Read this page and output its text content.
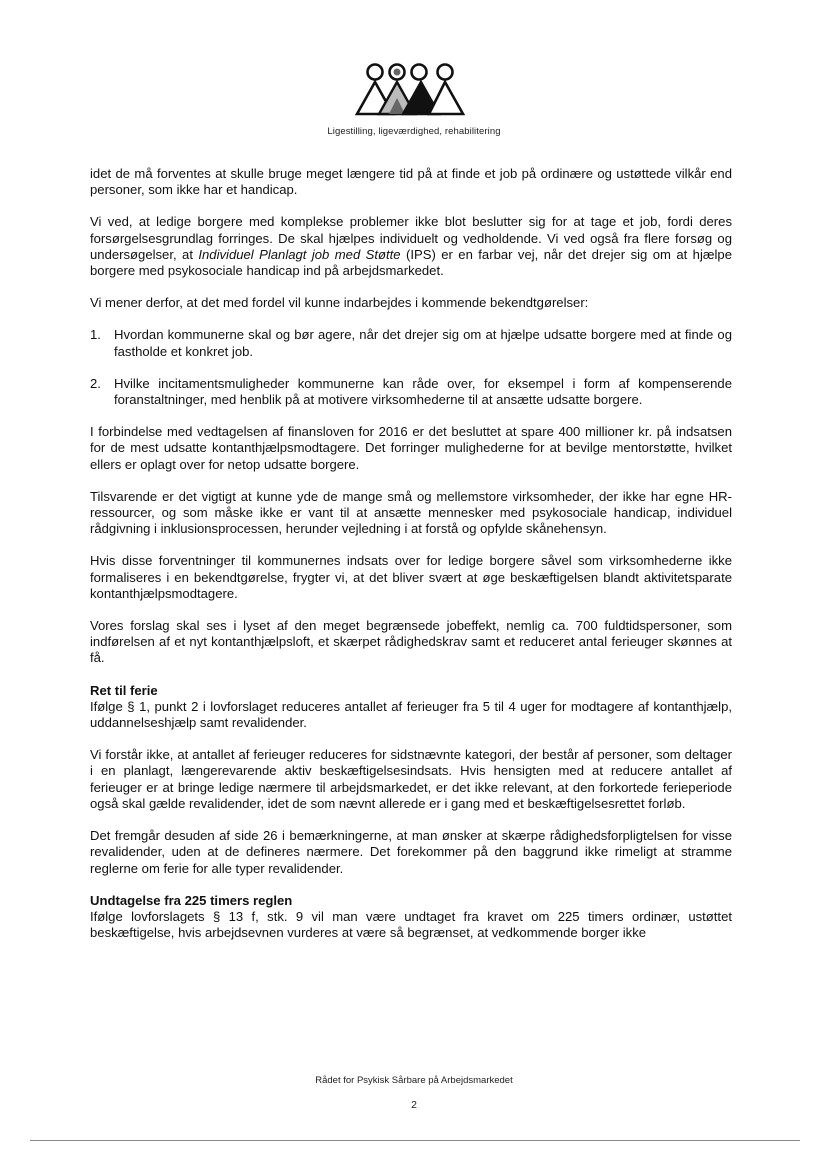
Ligestilling, ligeværdighed, rehabilitering

idet de må forventes at skulle bruge meget længere tid på at finde et job på ordinære og ustøttede vilkår end personer, som ikke har et handicap.

Vi ved, at ledige borgere med komplekse problemer ikke blot beslutter sig for at tage et job, fordi deres forsørgelsesgrundlag forringes. De skal hjælpes individuelt og vedholdende. Vi ved også fra flere forsøg og undersøgelser, at Individuel Planlagt job med Støtte (IPS) er en farbar vej, når det drejer sig om at hjælpe borgere med psykosociale handicap ind på arbejdsmarkedet.

Vi mener derfor, at det med fordel vil kunne indarbejdes i kommende bekendtgørelser:

1. Hvordan kommunerne skal og bør agere, når det drejer sig om at hjælpe udsatte borgere med at finde og fastholde et konkret job.
2. Hvilke incitamentsmuligheder kommunerne kan råde over, for eksempel i form af kompenserende foranstaltninger, med henblik på at motivere virksomhederne til at ansætte udsatte borgere.

I forbindelse med vedtagelsen af finansloven for 2016 er det besluttet at spare 400 millioner kr. på indsatsen for de mest udsatte kontanthjælpsmodtagere. Det forringer mulighederne for at bevilge mentorstøtte, hvilket ellers er oplagt over for netop udsatte borgere.

Tilsvarende er det vigtigt at kunne yde de mange små og mellemstore virksomheder, der ikke har egne HR-ressourcer, og som måske ikke er vant til at ansætte mennesker med psykosociale handicap, individuel rådgivning i inklusionsprocessen, herunder vejledning i at forstå og opfylde skånehensyn.

Hvis disse forventninger til kommunernes indsats over for ledige borgere såvel som virksomhederne ikke formaliseres i en bekendtgørelse, frygter vi, at det bliver svært at øge beskæftigelsen blandt aktivitetsparate kontanthjælpsmodtagere.

Vores forslag skal ses i lyset af den meget begrænsede jobeffekt, nemlig ca. 700 fuldtidspersoner, som indførelsen af et nyt kontanthjælpsloft, et skærpet rådighedskrav samt et reduceret antal ferieuger skønnes at få.

Ret til ferie

Ifølge § 1, punkt 2 i lovforslaget reduceres antallet af ferieuger fra 5 til 4 uger for modtagere af kontanthjælp, uddannelseshjælp samt revalidender.

Vi forstår ikke, at antallet af ferieuger reduceres for sidstnævnte kategori, der består af personer, som deltager i en planlagt, længerevarende aktiv beskæftigelsesindsats. Hvis hensigten med at reducere antallet af ferieuger er at bringe ledige nærmere til arbejdsmarkedet, er det ikke relevant, at den forkortede ferieperiode også skal gælde revalidender, idet de som nævnt allerede er i gang med et beskæftigelsesrettet forløb.

Det fremgår desuden af side 26 i bemærkningerne, at man ønsker at skærpe rådighedsforpligtelsen for visse revalidender, uden at de defineres nærmere. Det forekommer på den baggrund ikke rimeligt at stramme reglerne om ferie for alle typer revalidender.

Undtagelse fra 225 timers reglen

Ifølge lovforslagets § 13 f, stk. 9 vil man være undtaget fra kravet om 225 timers ordinær, ustøttet beskæftigelse, hvis arbejdsevnen vurderes at være så begrænset, at vedkommende borger ikke

Rådet for Psykisk Sårbare på Arbejdsmarkedet
2
